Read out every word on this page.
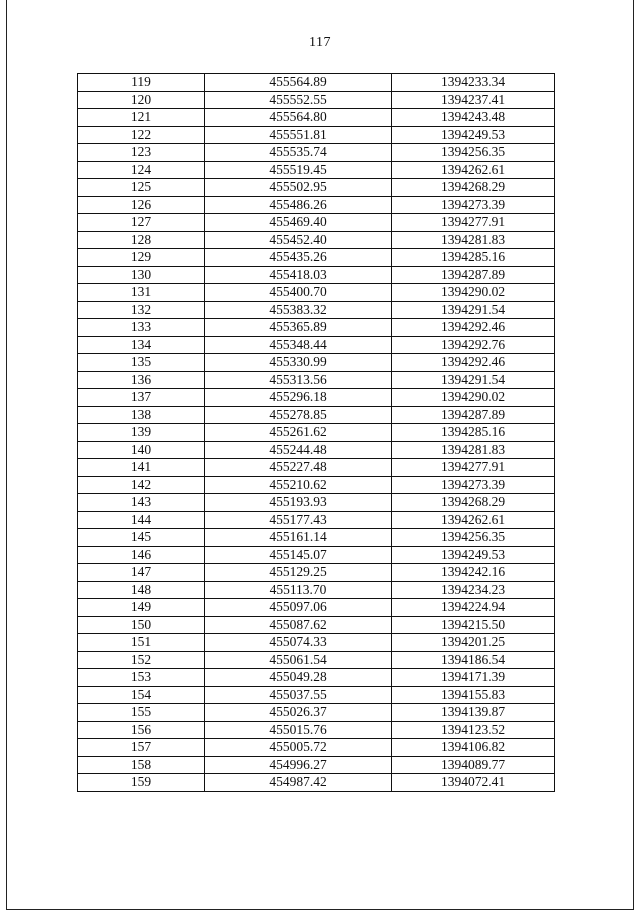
117
119	455564.89	1394233.34
120	455552.55	1394237.41
121	455564.80	1394243.48
122	455551.81	1394249.53
123	455535.74	1394256.35
124	455519.45	1394262.61
125	455502.95	1394268.29
126	455486.26	1394273.39
127	455469.40	1394277.91
128	455452.40	1394281.83
129	455435.26	1394285.16
130	455418.03	1394287.89
131	455400.70	1394290.02
132	455383.32	1394291.54
133	455365.89	1394292.46
134	455348.44	1394292.76
135	455330.99	1394292.46
136	455313.56	1394291.54
137	455296.18	1394290.02
138	455278.85	1394287.89
139	455261.62	1394285.16
140	455244.48	1394281.83
141	455227.48	1394277.91
142	455210.62	1394273.39
143	455193.93	1394268.29
144	455177.43	1394262.61
145	455161.14	1394256.35
146	455145.07	1394249.53
147	455129.25	1394242.16
148	455113.70	1394234.23
149	455097.06	1394224.94
150	455087.62	1394215.50
151	455074.33	1394201.25
152	455061.54	1394186.54
153	455049.28	1394171.39
154	455037.55	1394155.83
155	455026.37	1394139.87
156	455015.76	1394123.52
157	455005.72	1394106.82
158	454996.27	1394089.77
159	454987.42	1394072.41
